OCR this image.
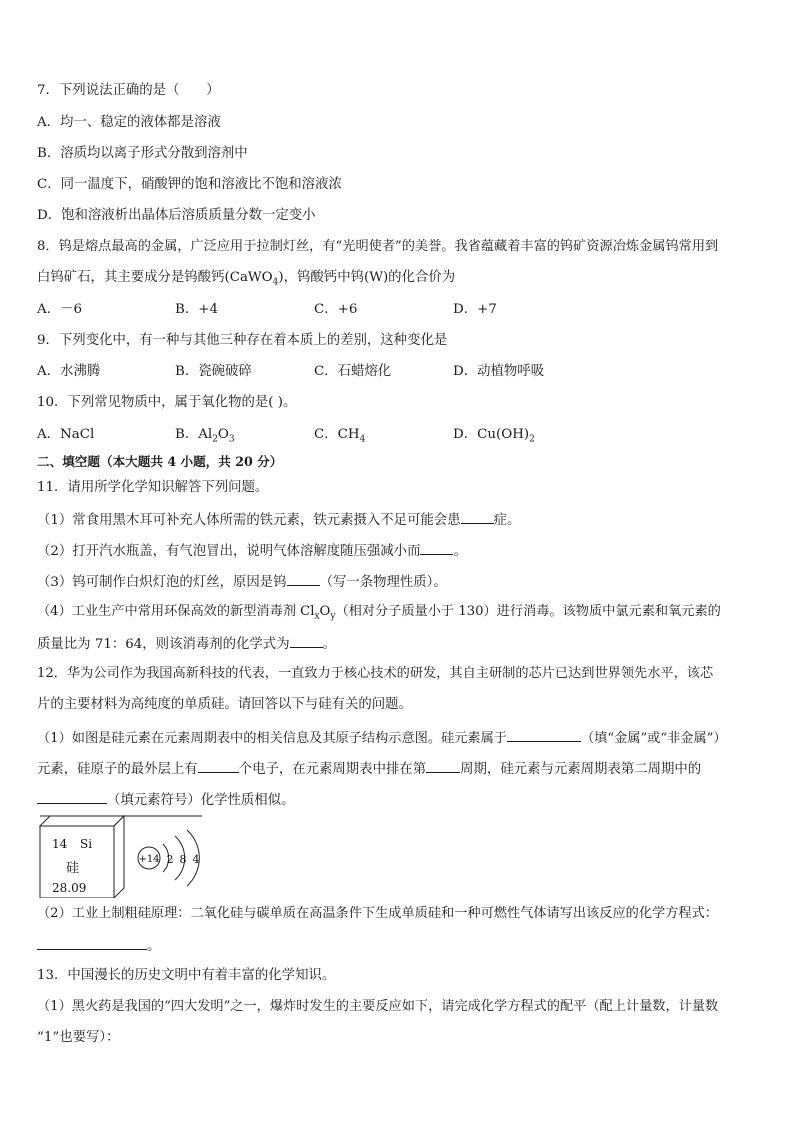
7．下列说法正确的是（　　）
A．均一、稳定的液体都是溶液
B．溶质均以离子形式分散到溶剂中
C．同一温度下，硝酸钾的饱和溶液比不饱和溶液浓
D．饱和溶液析出晶体后溶质质量分数一定变小
8．钨是熔点最高的金属，广泛应用于拉制灯丝，有“光明使者”的美誉。我省蕴藏着丰富的钨矿资源冶炼金属钨常用到
白钨矿石，其主要成分是钨酸钙(CaWO$_4$)，钨酸钙中钨(W)的化合价为
A．－6	B．+4	C．+6	D．+7
9．下列变化中，有一种与其他三种存在着本质上的差别，这种变化是
A．水沸腾	B．瓷碗破碎	C．石蜡熔化	D．动植物呼吸
10．下列常见物质中，属于氧化物的是( )。
A．NaCl	B．$Al_2O_3$	C．$CH_4$	D．$Cu(OH)_2$
二、填空题（本大题共 4 小题，共 20 分）
11．请用所学化学知识解答下列问题。
（1）常食用黑木耳可补充人体所需的铁元素，铁元素摄入不足可能会患 症。
（2）打开汽水瓶盖，有气泡冒出，说明气体溶解度随压强减小而 。
（3）钨可制作白炽灯泡的灯丝，原因是钨 （写一条物理性质）。
（4）工业生产中常用环保高效的新型消毒剂 $Cl_xO_y$（相对分子质量小于 130）进行消毒。该物质中氯元素和氧元素的
质量比为 71：64，则该消毒剂的化学式为 。
12．华为公司作为我国高新科技的代表，一直致力于核心技术的研发，其自主研制的芯片已达到世界领先水平，该芯
片的主要材料为高纯度的单质硅。请回答以下与硅有关的问题。
（1）如图是硅元素在元素周期表中的相关信息及其原子结构示意图。硅元素属于	（填“金属”或“非金属”）
元素，硅原子的最外层上有	个电子，在元素周期表中排在第	周期，硅元素与元素周期表第二周期中的
（填元素符号）化学性质相似。
14 Si
硅
28.09
+14 2 8 4
（2）工业上制粗硅原理：二氧化硅与碳单质在高温条件下生成单质硅和一种可燃性气体请写出该反应的化学方程式：
。
13．中国漫长的历史文明中有着丰富的化学知识。
（1）黑火药是我国的“四大发明”之一，爆炸时发生的主要反应如下，请完成化学方程式的配平（配上计量数，计量数
“1”也要写）：
